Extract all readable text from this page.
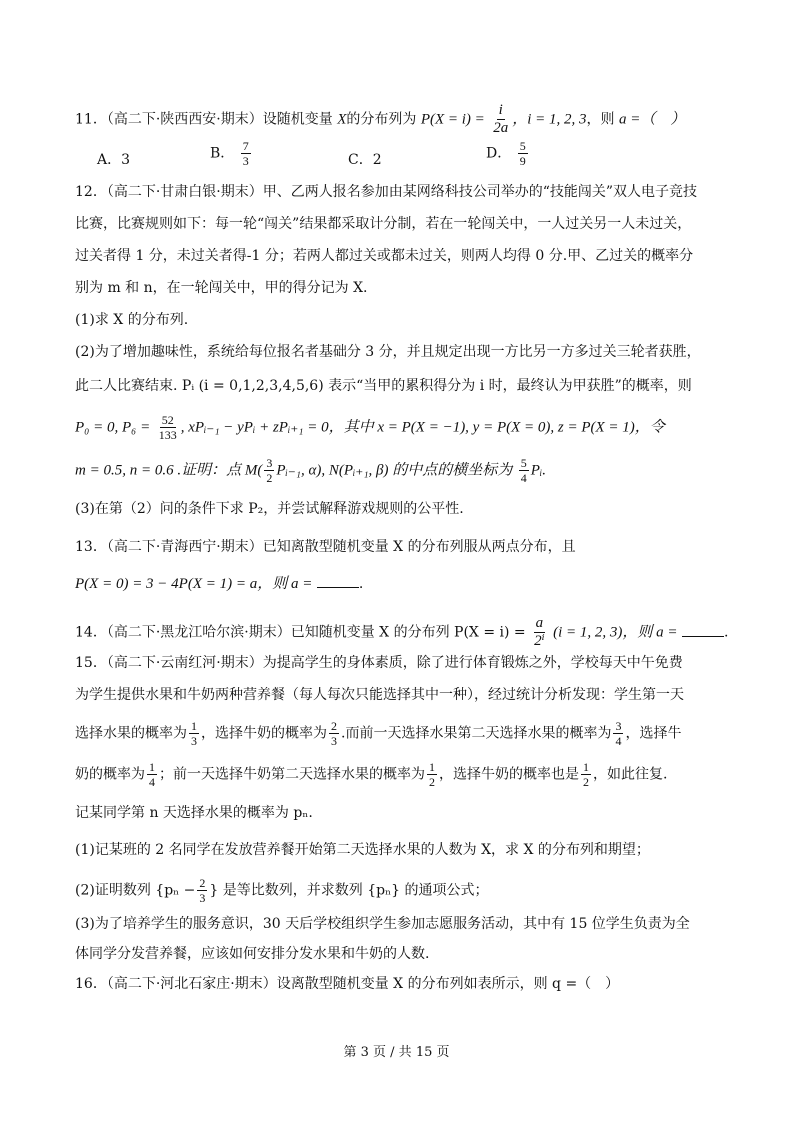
11．（高二下·陕西西安·期末）设随机变量 X的分布列为 $P(X = i) = \frac{i}{2a}$ ，i = 1, 2, 3，则 a =（　）
A．3	B． $\frac{7}{3}$	C．2	D． $\frac{5}{9}$
12．（高二下·甘肃白银·期末）甲、乙两人报名参加由某网络科技公司举办的“技能闯关”双人电子竞技
比赛，比赛规则如下：每一轮“闯关”结果都采取计分制，若在一轮闯关中，一人过关另一人未过关，
过关者得 1 分，未过关者得-1 分；若两人都过关或都未过关，则两人均得 0 分.甲、乙过关的概率分
别为 m 和 n，在一轮闯关中，甲的得分记为 X.
(1)求 X 的分布列.
(2)为了增加趣味性，系统给每位报名者基础分 3 分，并且规定出现一方比另一方多过关三轮者获胜，
此二人比赛结束. Pᵢ (i = 0,1,2,3,4,5,6) 表示“当甲的累积得分为 i 时，最终认为甲获胜”的概率，则
P₀ = 0, $P_6 = \frac{52}{133}$ , xPᵢ₋₁ − yPᵢ + zPᵢ₊₁ = 0，其中 x = P(X = −1), y = P(X = 0), z = P(X = 1)，令
m = 0.5, n = 0.6 .证明：点 $M( \frac{3}{2}$ Pᵢ₋₁, α), N(Pᵢ₊₁, β) 的中点的横坐标为 $\frac{5}{4}$ Pᵢ.
(3)在第（2）问的条件下求 P₂，并尝试解释游戏规则的公平性.
13．（高二下·青海西宁·期末）已知离散型随机变量 X 的分布列服从两点分布，且
P(X = 0) = 3 − 4P(X = 1) = a，则 a =	.
14．（高二下·黑龙江哈尔滨·期末）已知随机变量 X 的分布列 $P(X = i) = \frac{a}{\text{2ⁱ}} (i = 1$, 2, 3)，则 a =	.
15．（高二下·云南红河·期末）为提高学生的身体素质，除了进行体育锻炼之外，学校每天中午免费
为学生提供水果和牛奶两种营养餐（每人每次只能选择其中一种），经过统计分析发现：学生第一天
选择水果的概率为 $\frac{1}{3}$ ，选择牛奶的概率为 $\frac{2}{3}$ .而前一天选择水果第二天选择水果的概率为 $\frac{3}{4}$ ，选择牛
奶的概率为 $\frac{1}{4}$ ；前一天选择牛奶第二天选择水果的概率为 $\frac{1}{2}$ ，选择牛奶的概率也是 $\frac{1}{2}$ ，如此往复.
记某同学第 n 天选择水果的概率为 pₙ.
(1)记某班的 2 名同学在发放营养餐开始第二天选择水果的人数为 X，求 X 的分布列和期望；
(2)证明数列 {$p_n - \frac{2}{3}$ } 是等比数列，并求数列 {pₙ} 的通项公式；
(3)为了培养学生的服务意识，30 天后学校组织学生参加志愿服务活动，其中有 15 位学生负责为全
体同学分发营养餐，应该如何安排分发水果和牛奶的人数.
16．（高二下·河北石家庄·期末）设离散型随机变量 X 的分布列如表所示，则 q =（　）
第 3 页 / 共 15 页
